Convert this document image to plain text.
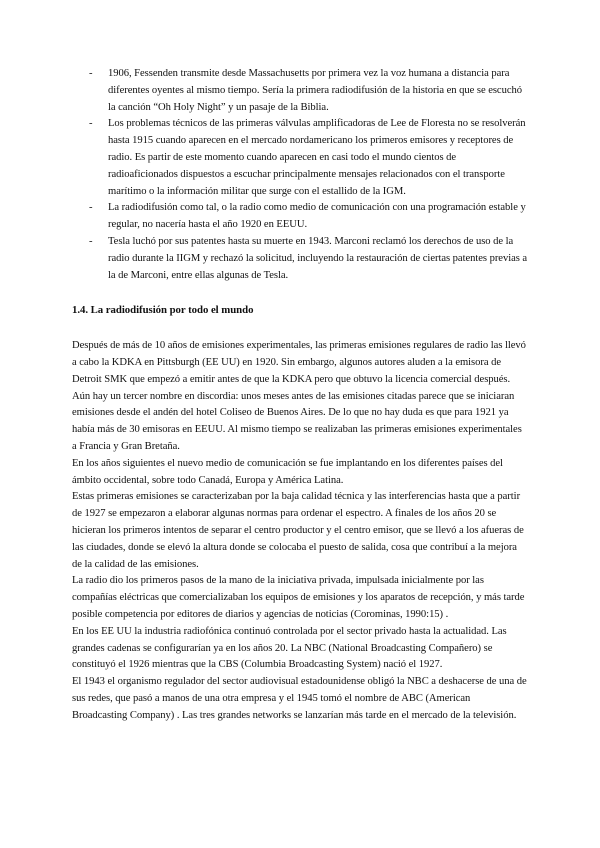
- 1906, Fessenden transmite desde Massachusetts por primera vez la voz humana a distancia para diferentes oyentes al mismo tiempo. Sería la primera radiodifusión de la historia en que se escuchó la canción “Oh Holy Night” y un pasaje de la Biblia.
- Los problemas técnicos de las primeras válvulas amplificadoras de Lee de Floresta no se resolverán hasta 1915 cuando aparecen en el mercado nordamericano los primeros emisores y receptores de radio. Es partir de este momento cuando aparecen en casi todo el mundo cientos de radioaficionados dispuestos a escuchar principalmente mensajes relacionados con el transporte marítimo o la información militar que surge con el estallido de la IGM.
- La radiodifusión como tal, o la radio como medio de comunicación con una programación estable y regular, no nacería hasta el año 1920 en EEUU.
- Tesla luchó por sus patentes hasta su muerte en 1943. Marconi reclamó los derechos de uso de la radio durante la IIGM y rechazó la solicitud, incluyendo la restauración de ciertas patentes previas a la de Marconi, entre ellas algunas de Tesla.
1.4. La radiodifusión por todo el mundo

Después de más de 10 años de emisiones experimentales, las primeras emisiones regulares de radio las llevó a cabo la KDKA en Pittsburgh (EE UU) en 1920. Sin embargo, algunos autores aluden a la emisora de Detroit SMK que empezó a emitir antes de que la KDKA pero que obtuvo la licencia comercial después. Aún hay un tercer nombre en discordia: unos meses antes de las emisiones citadas parece que se iniciaran emisiones desde el andén del hotel Coliseo de Buenos Aires. De lo que no hay duda es que para 1921 ya había más de 30 emisoras en EEUU. Al mismo tiempo se realizaban las primeras emisiones experimentales a Francia y Gran Bretaña.

En los años siguientes el nuevo medio de comunicación se fue implantando en los diferentes países del ámbito occidental, sobre todo Canadá, Europa y América Latina.

Estas primeras emisiones se caracterizaban por la baja calidad técnica y las interferencias hasta que a partir de 1927 se empezaron a elaborar algunas normas para ordenar el espectro. A finales de los años 20 se hicieran los primeros intentos de separar el centro productor y el centro emisor, que se llevó a los afueras de las ciudades, donde se elevó la altura donde se colocaba el puesto de salida, cosa que contribuí a la mejora de la calidad de las emisiones.

La radio dio los primeros pasos de la mano de la iniciativa privada, impulsada inicialmente por las compañías eléctricas que comercializaban los equipos de emisiones y los aparatos de recepción, y más tarde posible competencia por editores de diarios y agencias de noticias (Corominas, 1990:15) .

En los EE UU la industria radiofónica continuó controlada por el sector privado hasta la actualidad. Las grandes cadenas se configurarían ya en los años 20. La NBC (National Broadcasting Compañero) se constituyó el 1926 mientras que la CBS (Columbia Broadcasting System) nació el 1927.

El 1943 el organismo regulador del sector audiovisual estadounidense obligó la NBC a deshacerse de una de sus redes, que pasó a manos de una otra empresa y el 1945 tomó el nombre de ABC (American Broadcasting Company) . Las tres grandes networks se lanzarían más tarde en el mercado de la televisión.
